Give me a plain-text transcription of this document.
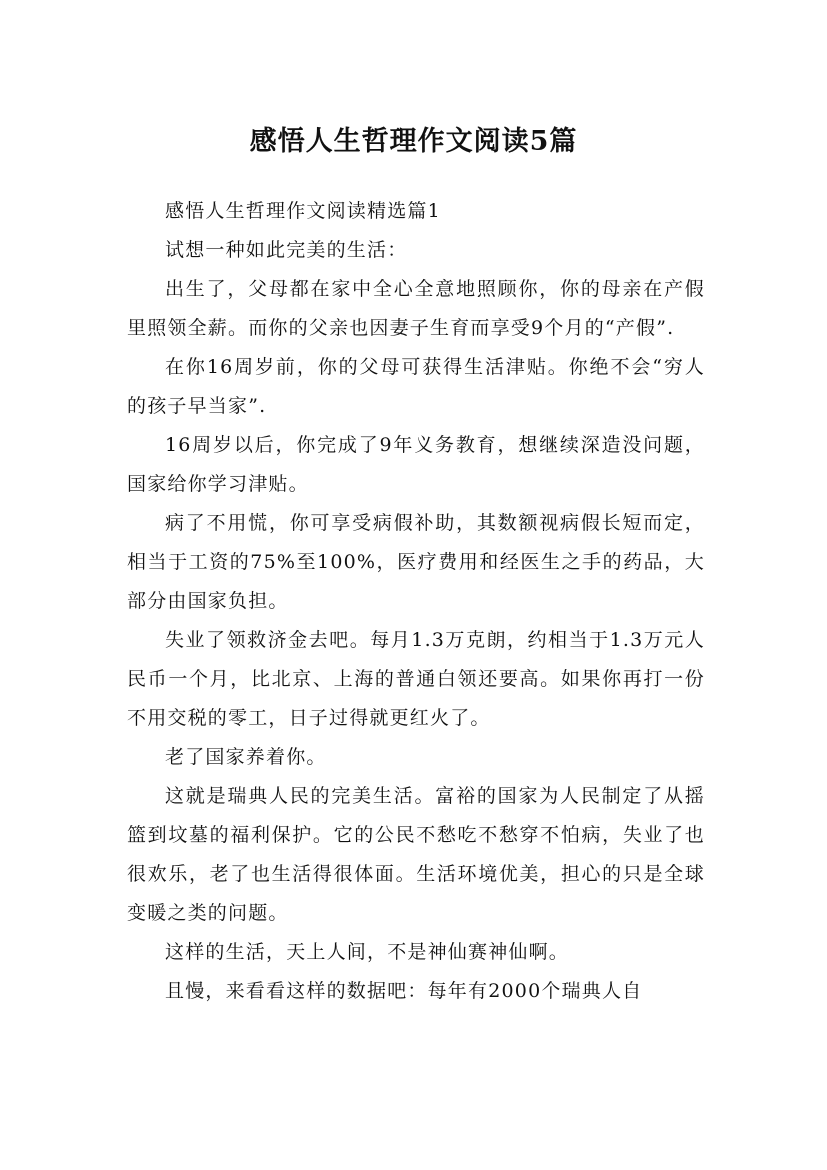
感悟人生哲理作文阅读5篇

感悟人生哲理作文阅读精选篇1

试想一种如此完美的生活：

出生了，父母都在家中全心全意地照顾你，你的母亲在产假里照领全薪。而你的父亲也因妻子生育而享受9个月的“产假”.

在你16周岁前，你的父母可获得生活津贴。你绝不会“穷人的孩子早当家”.

16周岁以后，你完成了9年义务教育，想继续深造没问题，国家给你学习津贴。

病了不用慌，你可享受病假补助，其数额视病假长短而定，相当于工资的75%至100%，医疗费用和经医生之手的药品，大部分由国家负担。

失业了领救济金去吧。每月1.3万克朗，约相当于1.3万元人民币一个月，比北京、上海的普通白领还要高。如果你再打一份不用交税的零工，日子过得就更红火了。

老了国家养着你。

这就是瑞典人民的完美生活。富裕的国家为人民制定了从摇篮到坟墓的福利保护。它的公民不愁吃不愁穿不怕病，失业了也很欢乐，老了也生活得很体面。生活环境优美，担心的只是全球变暖之类的问题。

这样的生活，天上人间，不是神仙赛神仙啊。

且慢，来看看这样的数据吧：每年有2000个瑞典人自
